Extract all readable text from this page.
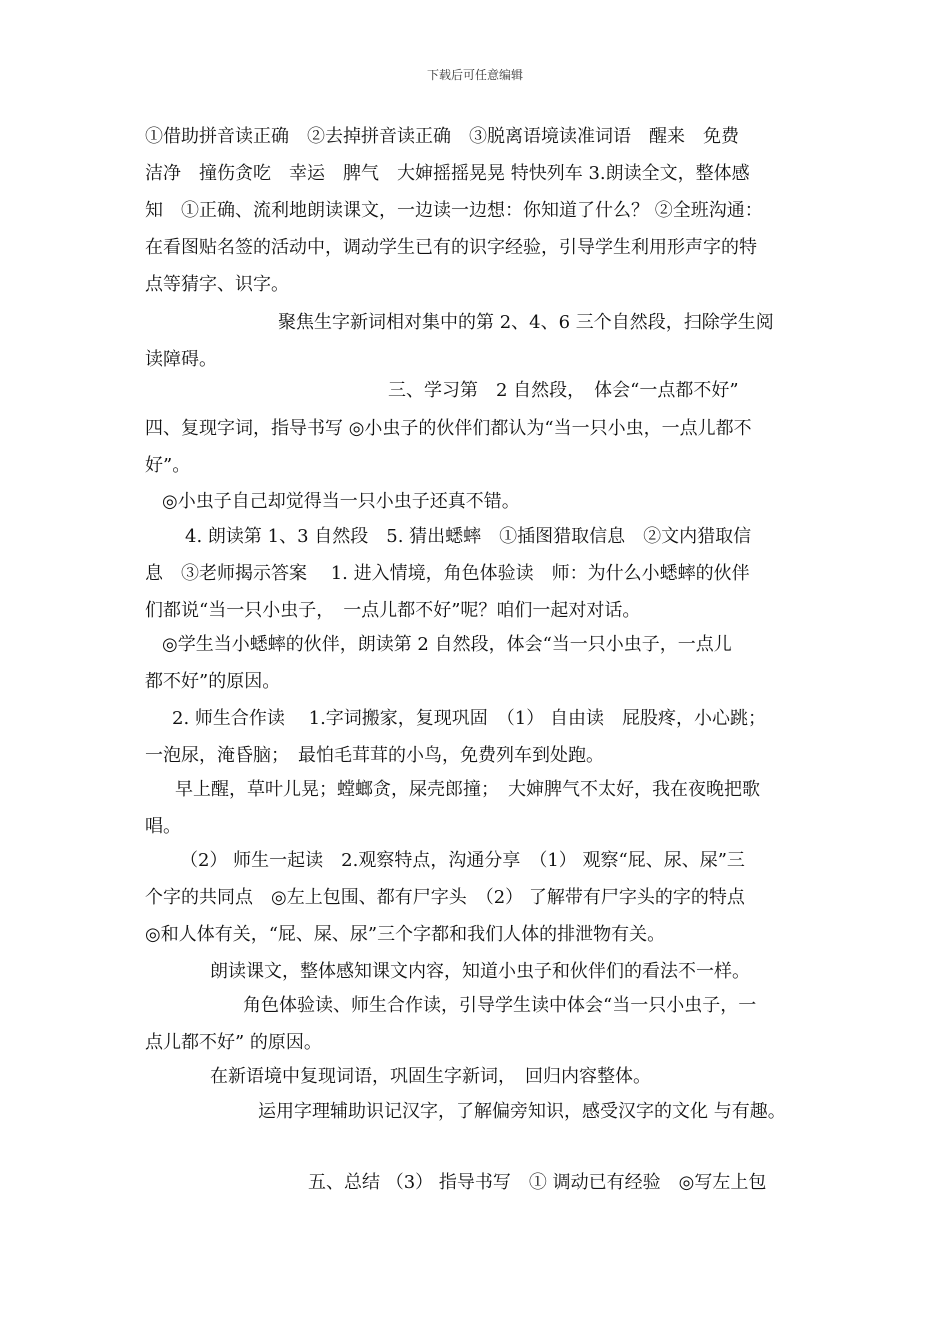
下载后可任意编辑
①借助拼音读正确　②去掉拼音读正确　③脱离语境读准词语　醒来　免费
洁净　撞伤贪吃　幸运　脾气　大婶摇摇晃晃 特快列车 3.朗读全文，整体感
知　①正确、流利地朗读课文，一边读一边想：你知道了什么？ ②全班沟通：
在看图贴名签的活动中，调动学生已有的识字经验，引导学生利用形声字的特
点等猜字、识字。
聚焦生字新词相对集中的第 2、4、6 三个自然段，扫除学生阅
读障碍。
三、学习第　2 自然段，　体会“一点都不好”
四、复现字词，指导书写 ◎小虫子的伙伴们都认为“当一只小虫，一点儿都不
好”。
◎小虫子自己却觉得当一只小虫子还真不错。
4. 朗读第 1、3 自然段　5. 猜出蟋蟀　①插图猎取信息　②文内猎取信
息　③老师揭示答案　 1. 进入情境，角色体验读　师：为什么小蟋蟀的伙伴
们都说“当一只小虫子，　一点儿都不好”呢？咱们一起对对话。
◎学生当小蟋蟀的伙伴，朗读第 2 自然段，体会“当一只小虫子，一点儿
都不好”的原因。
2. 师生合作读　 1.字词搬家，复现巩固　（1） 自由读　屁股疼，小心跳；
一泡尿，淹昏脑；　最怕毛茸茸的小鸟，免费列车到处跑。
早上醒，草叶儿晃；螳螂贪，屎壳郎撞；　大婶脾气不太好，我在夜晚把歌
唱。
（2） 师生一起读　2.观察特点，沟通分享　（1） 观察“屁、尿、屎”三
个字的共同点　◎左上包围、都有尸字头　（2） 了解带有尸字头的字的特点
◎和人体有关，“屁、屎、尿”三个字都和我们人体的排泄物有关。
朗读课文，整体感知课文内容，知道小虫子和伙伴们的看法不一样。
角色体验读、师生合作读，引导学生读中体会“当一只小虫子，一
点儿都不好” 的原因。
在新语境中复现词语，巩固生字新词，　回归内容整体。
运用字理辅助识记汉字，了解偏旁知识，感受汉字的文化 与有趣。
五、总结 （3） 指导书写　① 调动已有经验　◎写左上包
